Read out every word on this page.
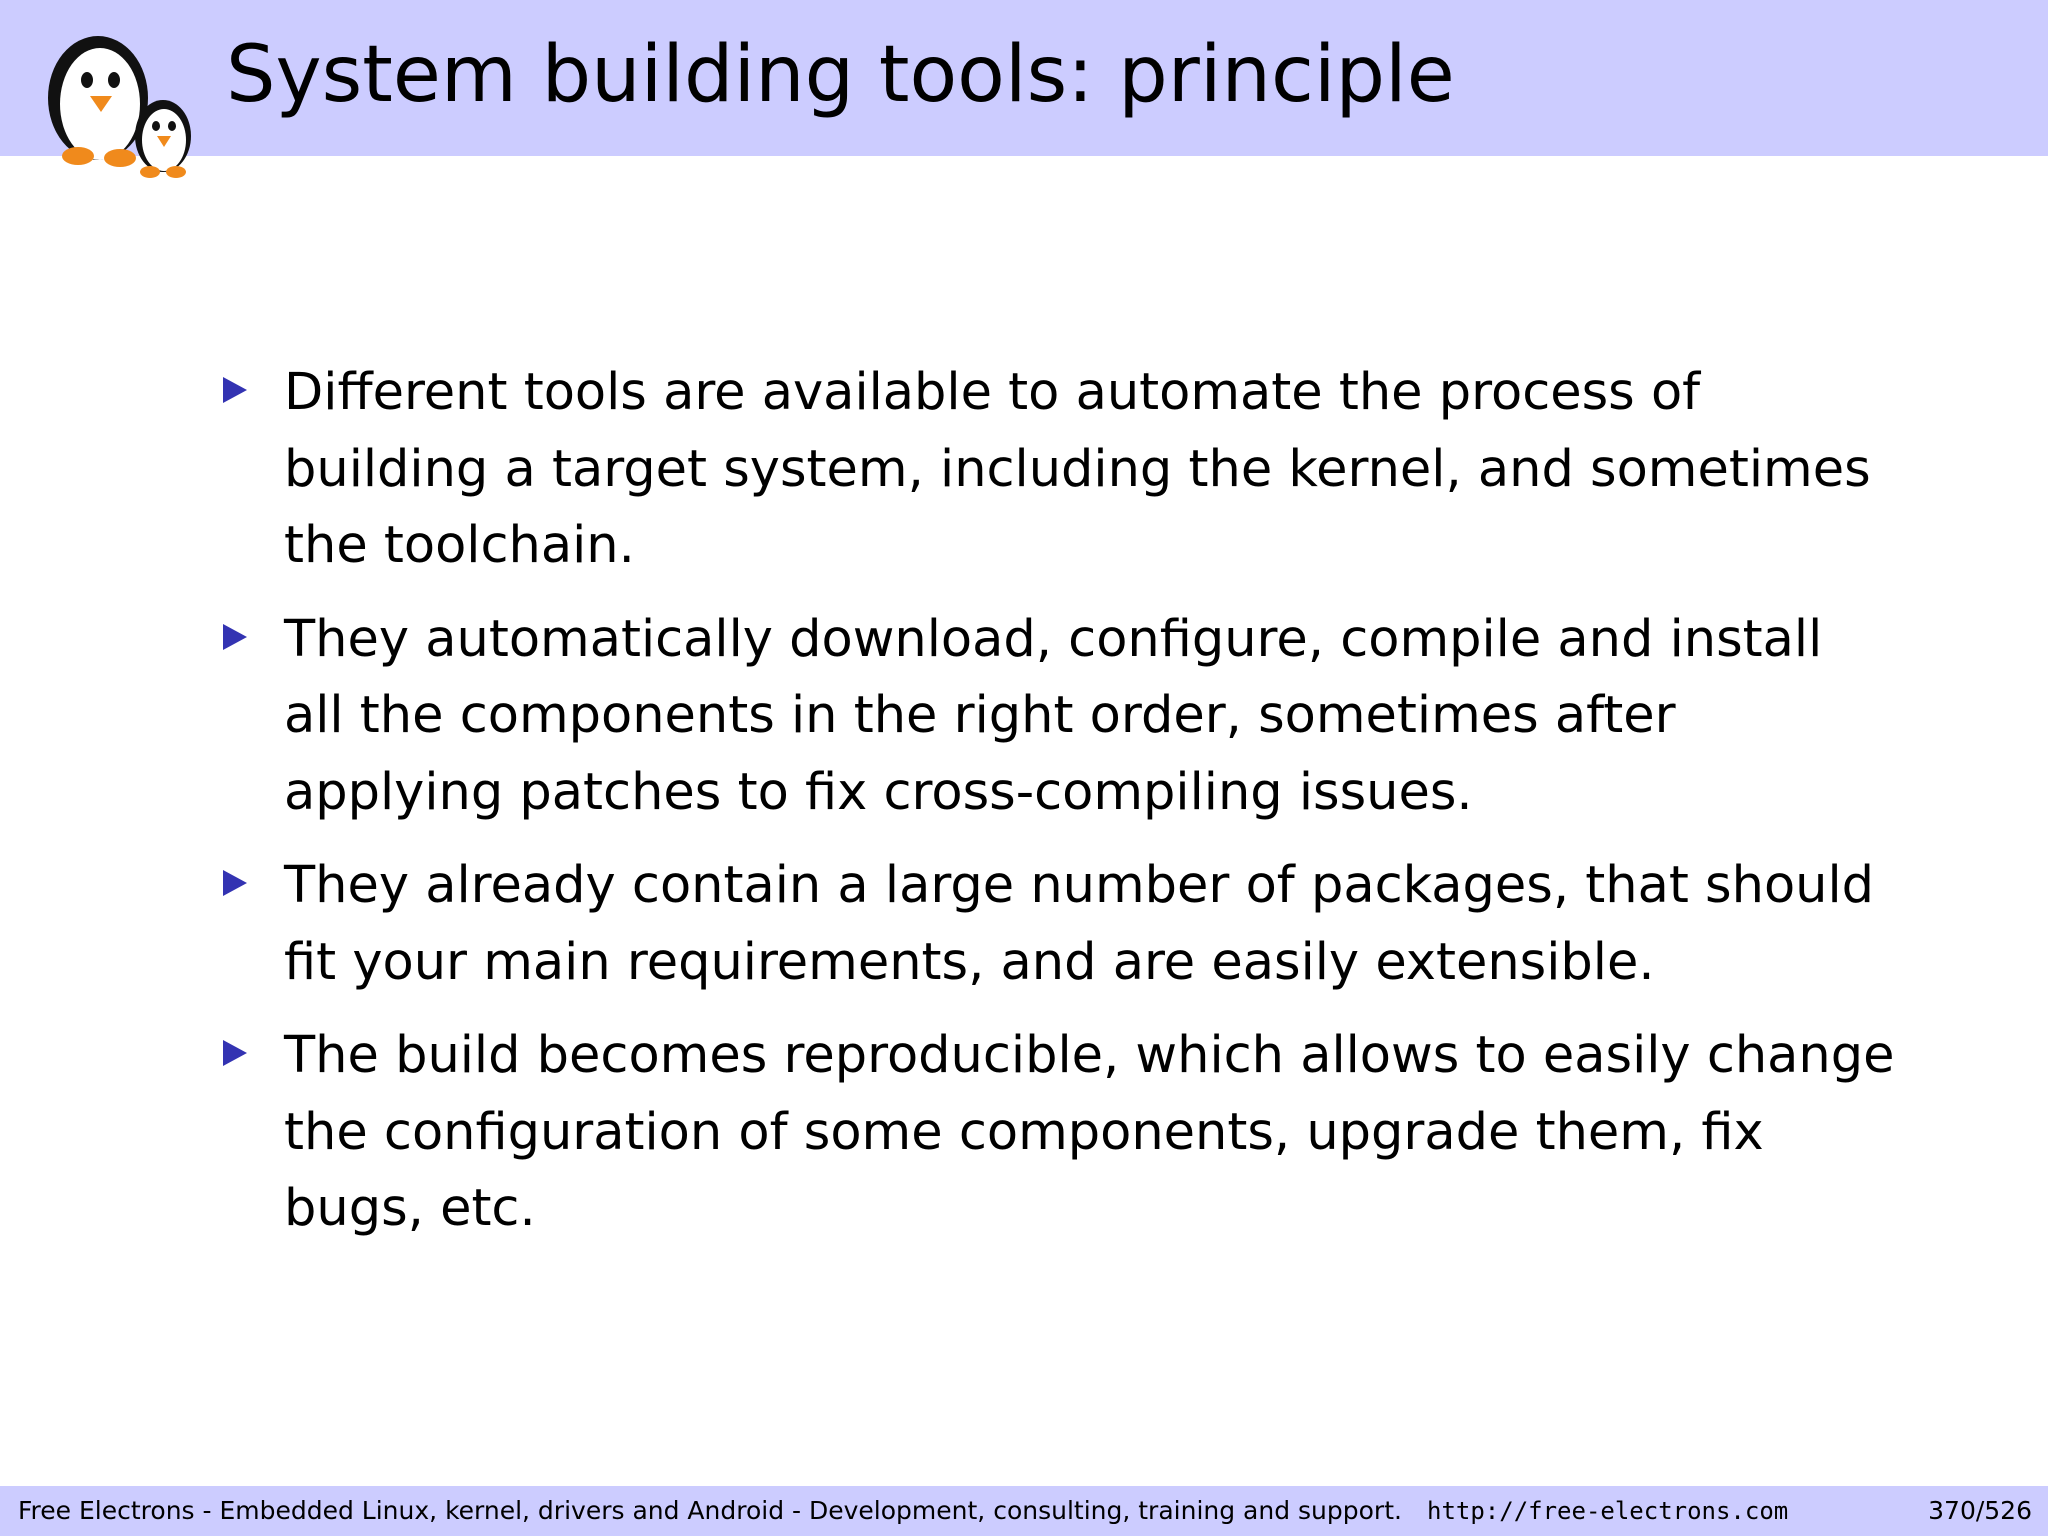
System building tools: principle
Different tools are available to automate the process of
building a target system, including the kernel, and sometimes
the toolchain.
They automatically download, configure, compile and install
all the components in the right order, sometimes after
applying patches to fix cross-compiling issues.
They already contain a large number of packages, that should
fit your main requirements, and are easily extensible.
The build becomes reproducible, which allows to easily change
the configuration of some components, upgrade them, fix
bugs, etc.
Free Electrons - Embedded Linux, kernel, drivers and Android - Development, consulting, training and support. http://free-electrons.com	370/526
